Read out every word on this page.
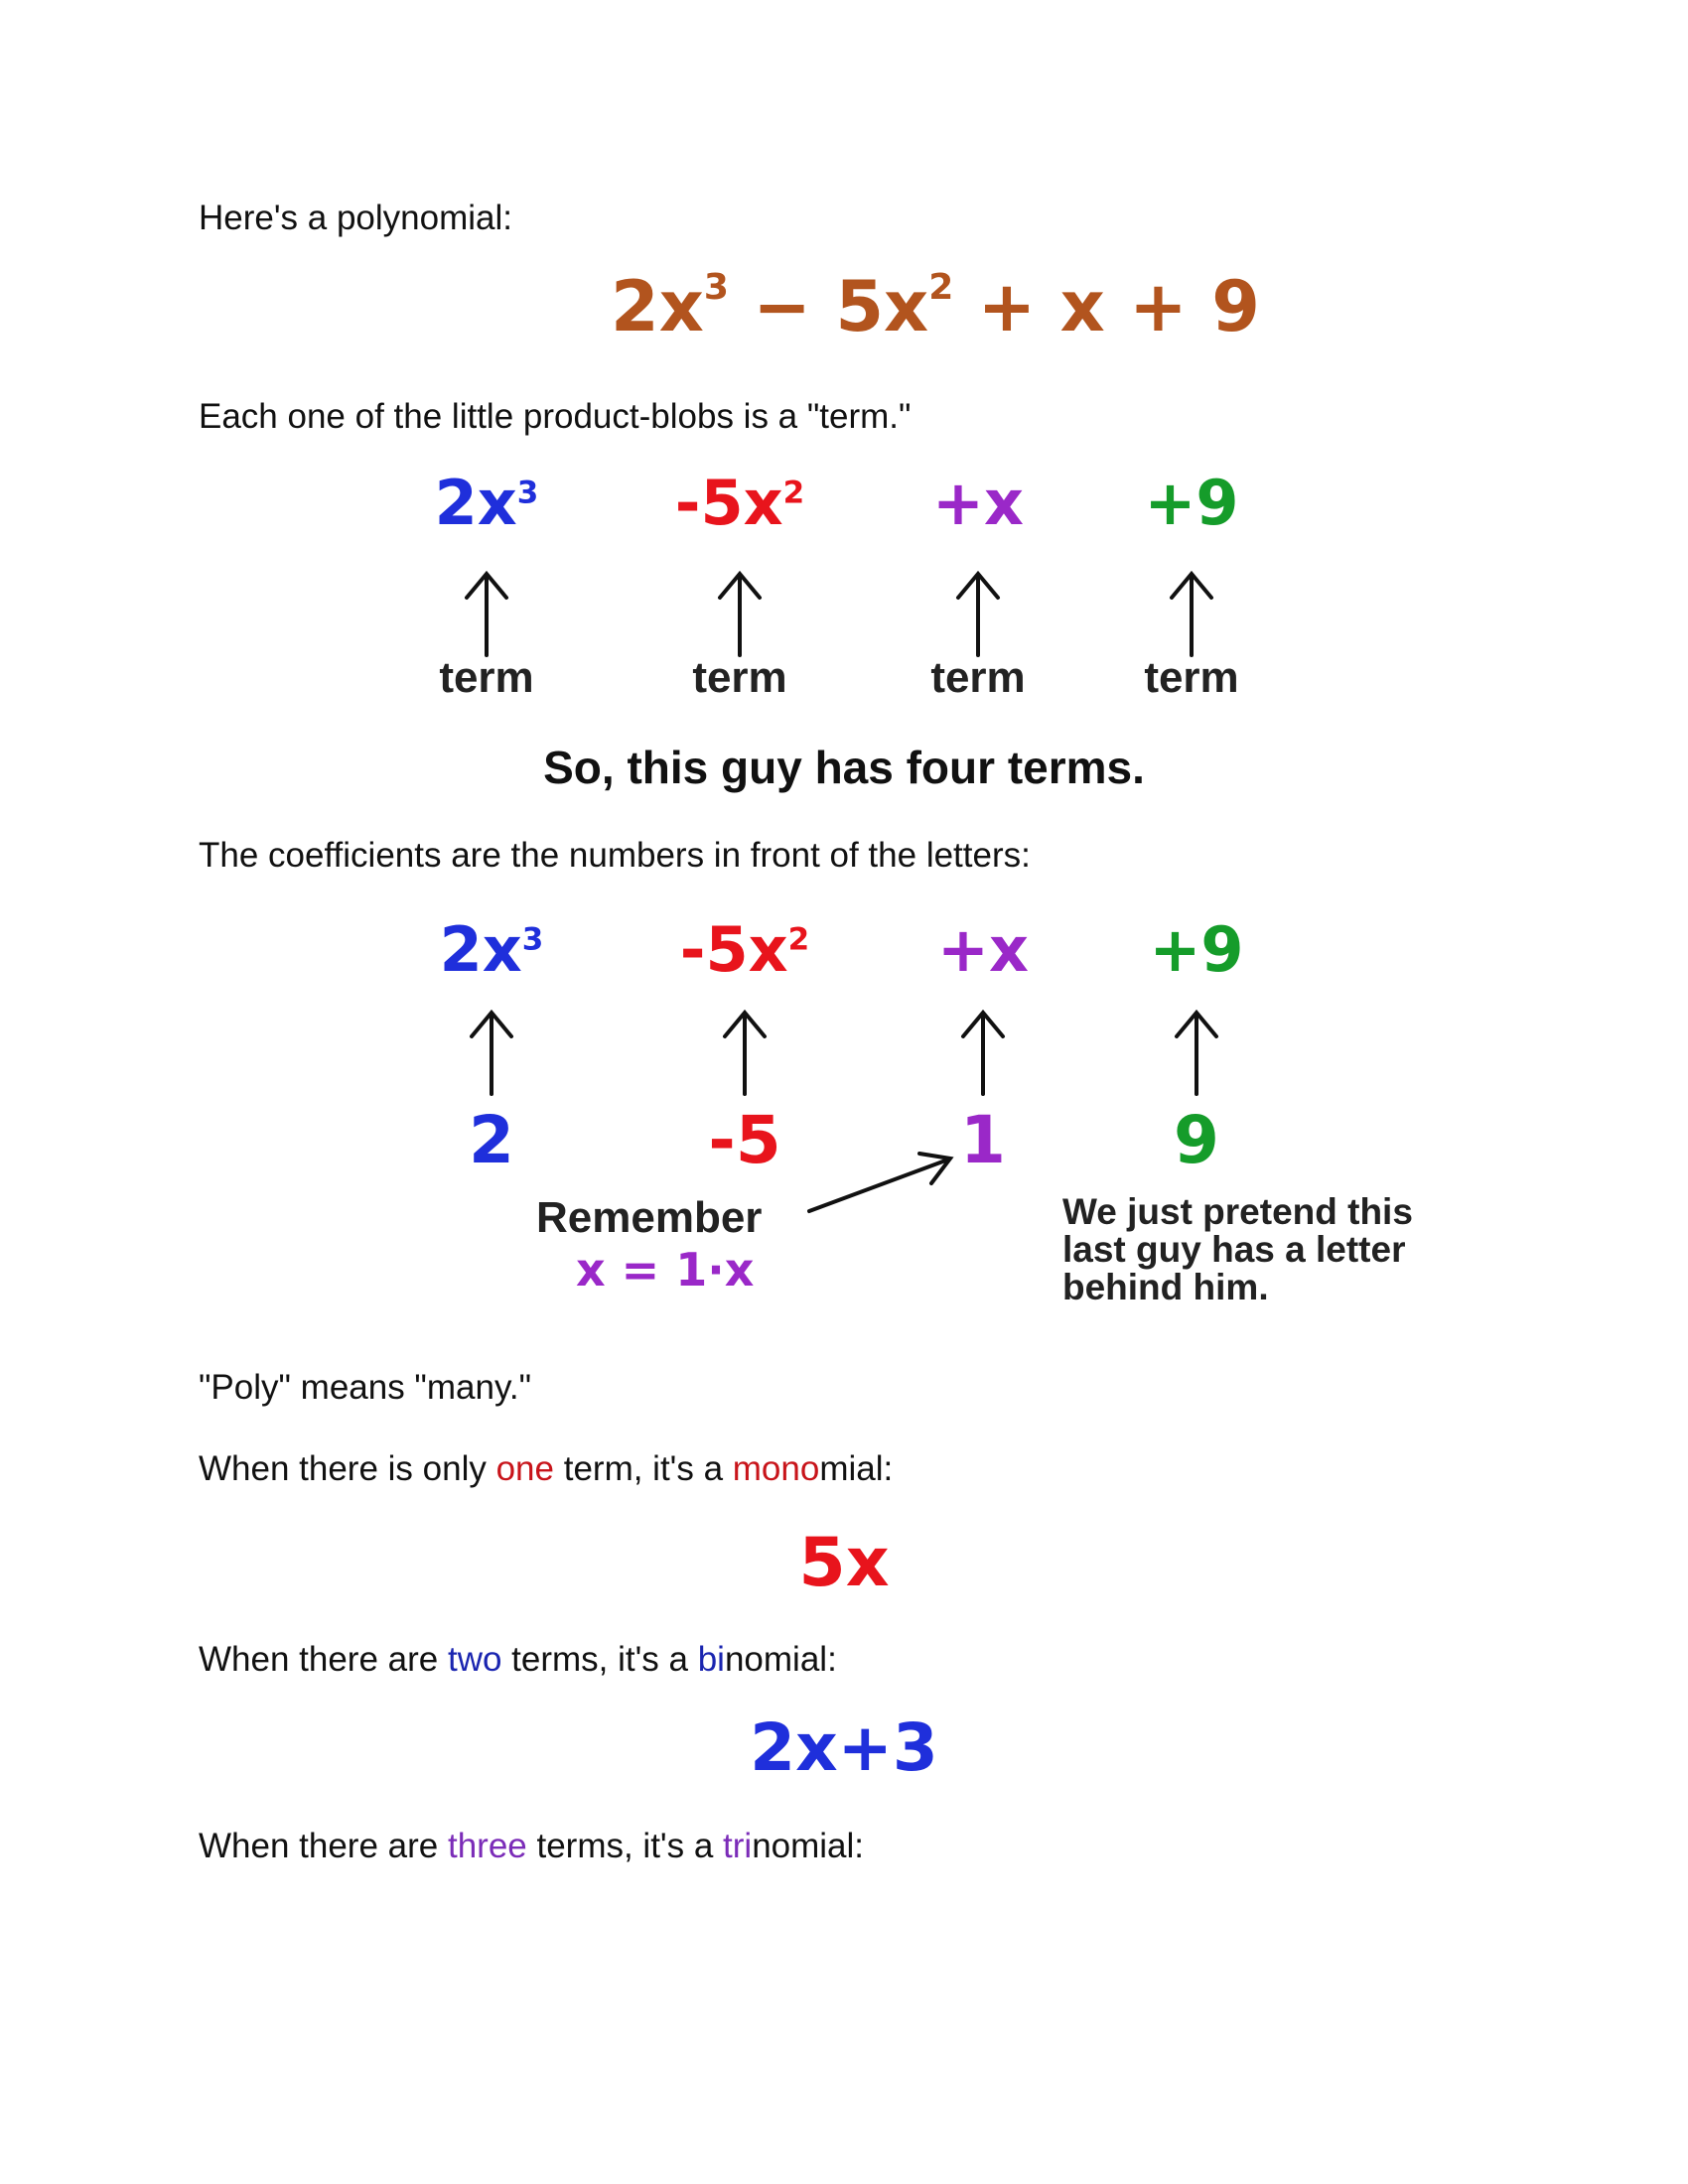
Here's a polynomial:
$2x^3 - 5x^2 + x + 9$
Each one of the little product-blobs is a "term."
$2x^3$	$-5x^2$	+x	+9
term	term	term	term
So, this guy has four terms.
The coefficients are the numbers in front of the letters:
$2x^3$	$-5x^2$	+x	+9
2	-5	1	9
Remember
x = 1·x
We just pretend this
last guy has a letter
behind him.
"Poly" means "many."
When there is only one term, it's a monomial:
5x
When there are two terms, it's a binomial:
2x+3
When there are three terms, it's a trinomial:
